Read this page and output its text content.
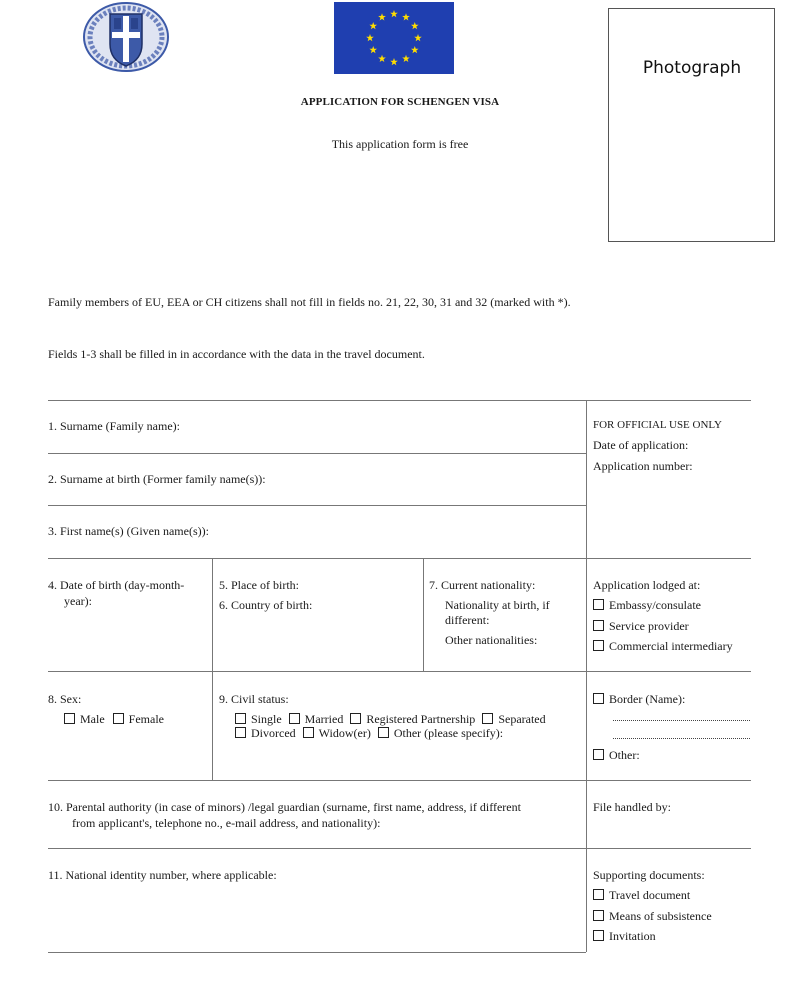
APPLICATION FOR SCHENGEN VISA
This application form is free
Photograph
Family members of EU, EEA or CH citizens shall not fill in fields no. 21, 22, 30, 31 and 32 (marked with *).
Fields 1-3 shall be filled in in accordance with the data in the travel document.
1. Surname (Family name):
2. Surname at birth (Former family name(s)):
3. First name(s) (Given name(s)):
4. Date of birth (day-month-
year):
5. Place of birth:
6. Country of birth:
7. Current nationality:
Nationality at birth, if
different:
Other nationalities:
8. Sex:
Male Female
9. Civil status:
Single Married Registered Partnership Separated
Divorced Widow(er) Other (please specify):
10. Parental authority (in case of minors) /legal guardian (surname, first name, address, if different
from applicant's, telephone no., e-mail address, and nationality):
11. National identity number, where applicable:
FOR OFFICIAL USE ONLY
Date of application:
Application number:
Application lodged at:
Embassy/consulate
Service provider
Commercial intermediary
Border (Name):
Other:
File handled by:
Supporting documents:
Travel document
Means of subsistence
Invitation
